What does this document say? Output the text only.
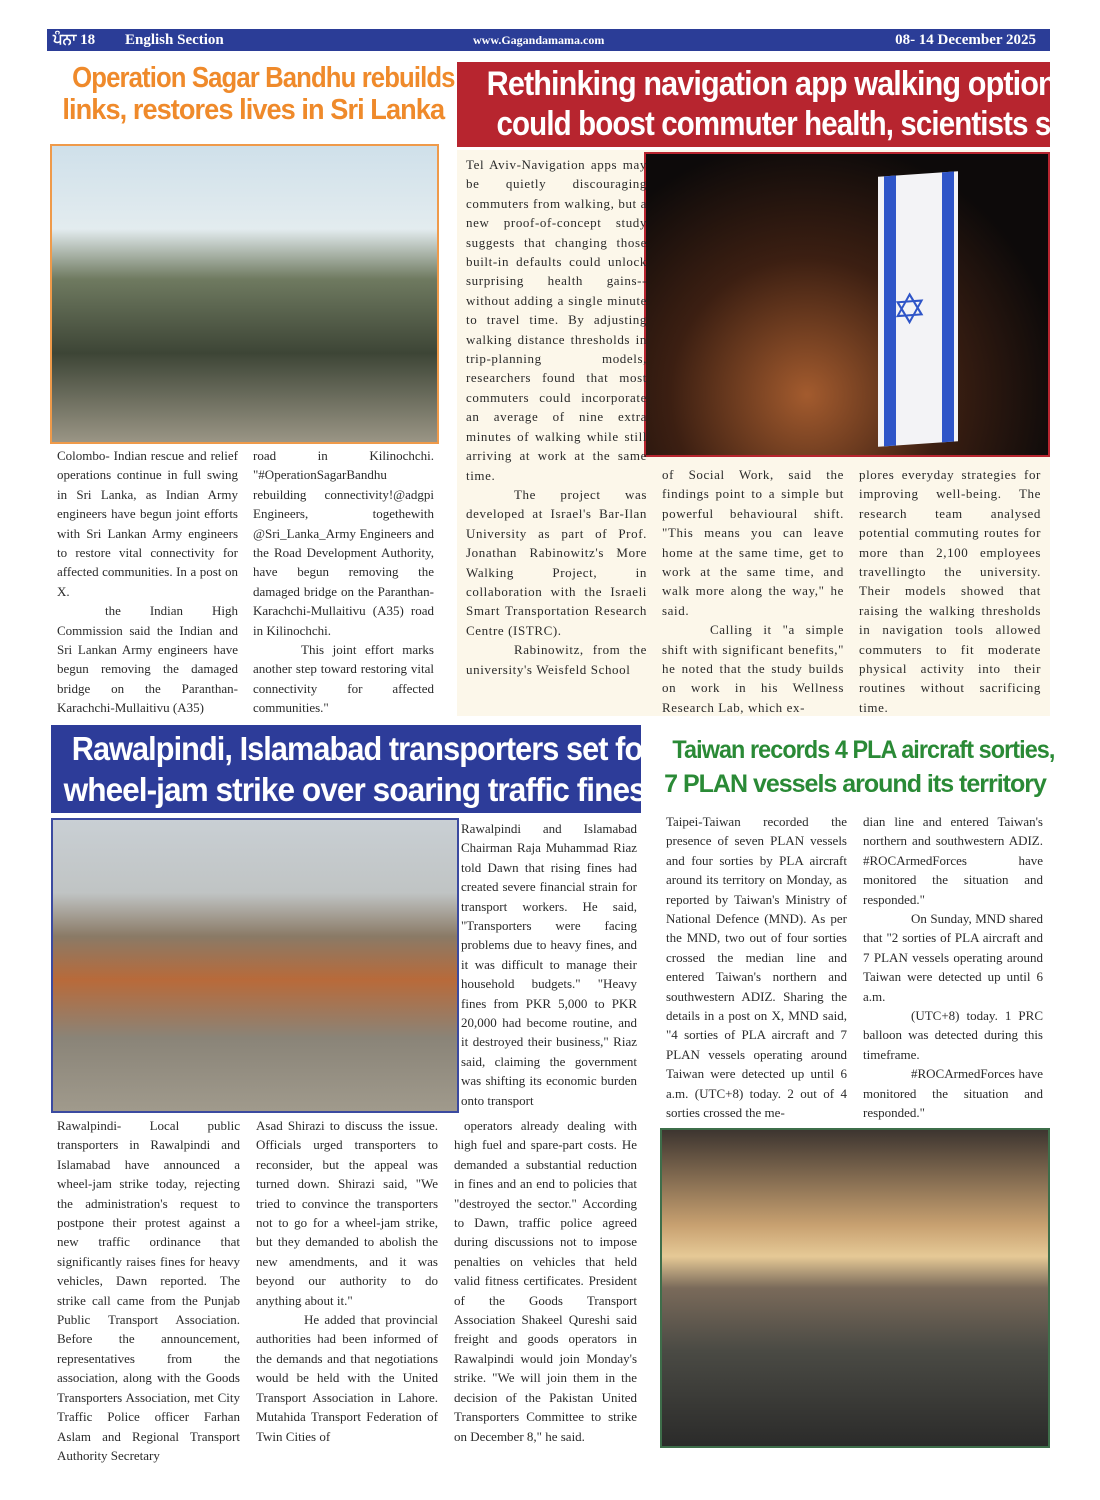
ਪੰਨਾ 18 English Section	www.Gagandamama.com	08- 14 December 2025
Operation Sagar Bandhu rebuilds
links, restores lives in Sri Lanka

Colombo- Indian rescue and relief operations continue in full swing in Sri Lanka, as Indian Army engineers have begun joint efforts with Sri Lankan Army engineers to restore vital connectivity for affected communities. In a post on X.

the Indian High Commission said the Indian and Sri Lankan Army engineers have begun removing the damaged bridge on the Paranthan-Karachchi-Mullaitivu (A35)

road in Kilinochchi. "#OperationSagarBandhu rebuilding connectivity!@adgpi Engineers, togethewith @Sri_Lanka_Army Engineers and the Road Development Authority, have begun removing the damaged bridge on the Paranthan-Karachchi-Mullaitivu (A35) road in Kilinochchi.

This joint effort marks another step toward restoring vital connectivity for affected communities."

Rethinking navigation app walking options
could boost commuter health, scientists say
✡

Tel Aviv-Navigation apps may be quietly discouraging commuters from walking, but a new proof-of-concept study suggests that changing those built-in defaults could unlock surprising health gains--without adding a single minute to travel time. By adjusting walking distance thresholds in trip-planning models, researchers found that most commuters could incorporate an average of nine extra minutes of walking while still arriving at work at the same time.

The project was developed at Israel's Bar-Ilan University as part of Prof. Jonathan Rabinowitz's More Walking Project, in collaboration with the Israeli Smart Transportation Research Centre (ISTRC).

Rabinowitz, from the university's Weisfeld School

of Social Work, said the findings point to a simple but powerful behavioural shift. "This means you can leave home at the same time, get to work at the same time, and walk more along the way," he said.

Calling it "a simple shift with significant benefits," he noted that the study builds on work in his Wellness Research Lab, which ex-

plores everyday strategies for improving well-being. The research team analysed potential commuting routes for more than 2,100 employees travellingto the university. Their models showed that raising the walking thresholds in navigation tools allowed commuters to fit moderate physical activity into their routines without sacrificing time.

Rawalpindi, Islamabad transporters set for
wheel-jam strike over soaring traffic fines

Rawalpindi and Islamabad Chairman Raja Muhammad Riaz told Dawn that rising fines had created severe financial strain for transport workers. He said, "Transporters were facing problems due to heavy fines, and it was difficult to manage their household budgets." "Heavy fines from PKR 5,000 to PKR 20,000 had become routine, and it destroyed their business," Riaz said, claiming the government was shifting its economic burden onto transport

Rawalpindi- Local public transporters in Rawalpindi and Islamabad have announced a wheel-jam strike today, rejecting the administration's request to postpone their protest against a new traffic ordinance that significantly raises fines for heavy vehicles, Dawn reported. The strike call came from the Punjab Public Transport Association. Before the announcement, representatives from the association, along with the Goods Transporters Association, met City Traffic Police officer Farhan Aslam and Regional Transport Authority Secretary

Asad Shirazi to discuss the issue. Officials urged transporters to reconsider, but the appeal was turned down. Shirazi said, "We tried to convince the transporters not to go for a wheel-jam strike, but they demanded to abolish the new amendments, and it was beyond our authority to do anything about it."

He added that provincial authorities had been informed of the demands and that negotiations would be held with the United Transport Association in Lahore. Mutahida Transport Federation of Twin Cities of

operators already dealing with high fuel and spare-part costs. He demanded a substantial reduction in fines and an end to policies that "destroyed the sector." According to Dawn, traffic police agreed during discussions not to impose penalties on vehicles that held valid fitness certificates. President of the Goods Transport Association Shakeel Qureshi said freight and goods operators in Rawalpindi would join Monday's strike. "We will join them in the decision of the Pakistan United Transporters Committee to strike on December 8," he said.

Taiwan records 4 PLA aircraft sorties,
7 PLAN vessels around its territory

Taipei-Taiwan recorded the presence of seven PLAN vessels and four sorties by PLA aircraft around its territory on Monday, as reported by Taiwan's Ministry of National Defence (MND). As per the MND, two out of four sorties crossed the median line and entered Taiwan's northern and southwestern ADIZ. Sharing the details in a post on X, MND said, "4 sorties of PLA aircraft and 7 PLAN vessels operating around Taiwan were detected up until 6 a.m. (UTC+8) today. 2 out of 4 sorties crossed the me-

dian line and entered Taiwan's northern and southwestern ADIZ. #ROCArmedForces have monitored the situation and responded."

On Sunday, MND shared that "2 sorties of PLA aircraft and 7 PLAN vessels operating around Taiwan were detected up until 6 a.m.

(UTC+8) today. 1 PRC balloon was detected during this timeframe.

#ROCArmedForces have monitored the situation and responded."
